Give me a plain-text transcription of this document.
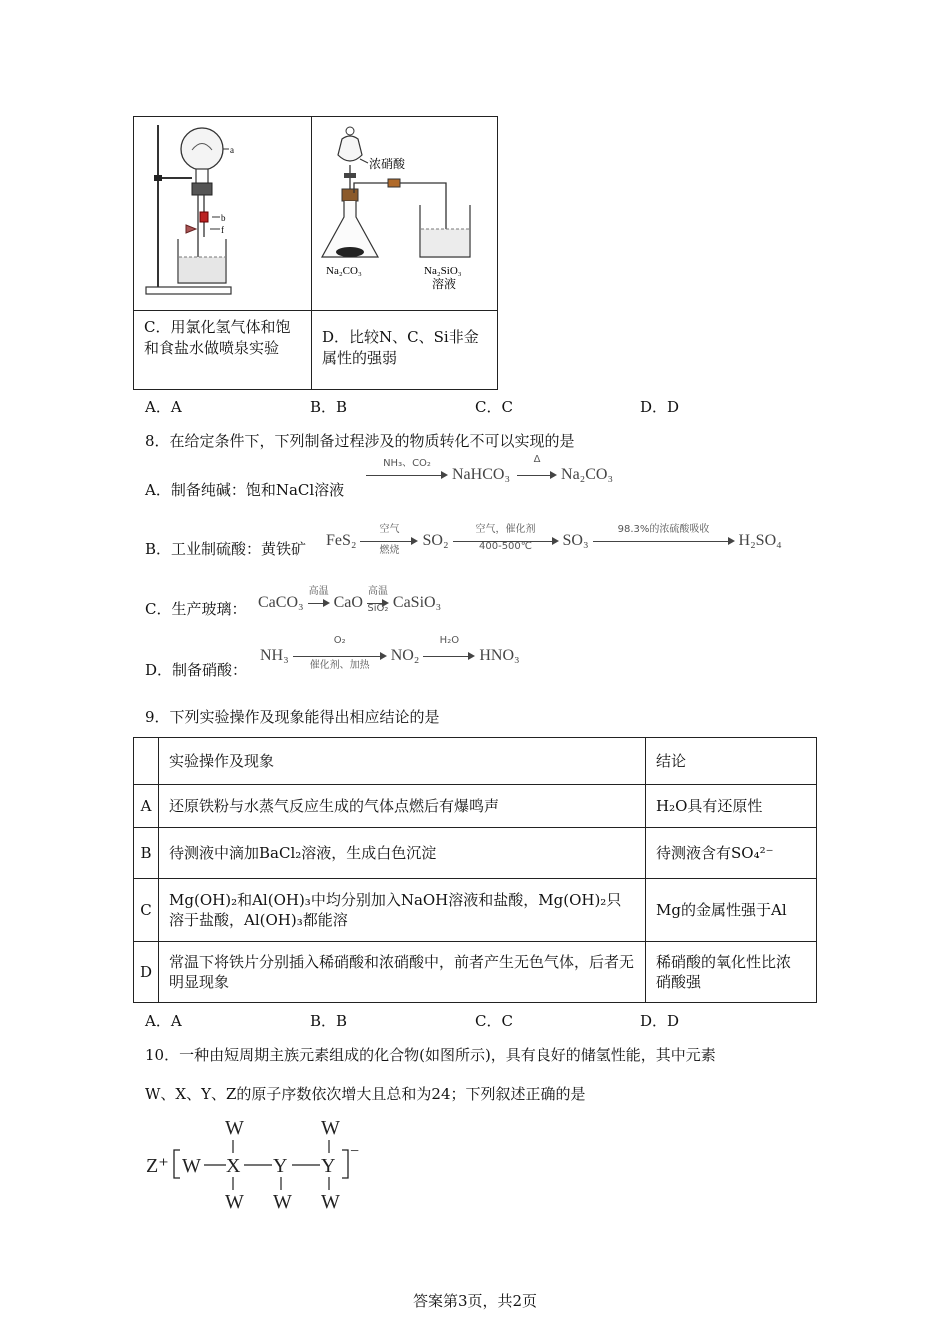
a
b
f
浓硝酸
Na₂CO₃	Na₂SiO₃
溶液
C．用氯化氢气体和饱和食盐水做喷泉实验
D．比较N、C、Si非金属性的强弱
A．A	B．B	C．C	D．D
8．在给定条件下，下列制备过程涉及的物质转化不可以实现的是
A．制备纯碱：饱和NaCl溶液
NH₃、CO₂
NaHCO₃
Δ
Na₂CO₃
B．工业制硫酸：黄铁矿 FeS₂
空气
燃烧
SO₂
空气，催化剂
400-500℃	SO₃
98.3%的浓硫酸吸收
H₂SO₄
C．生产玻璃： CaCO₃
高温
CaO
高温
SiO₂ CaSiO₃
D．制备硝酸：
NH₃
O₂
催化剂、加热
NO₂
H₂O
HNO₃
9．下列实验操作及现象能得出相应结论的是
	实验操作及现象	结论
A	还原铁粉与水蒸气反应生成的气体点燃后有爆鸣声	H₂O具有还原性
B	待测液中滴加BaCl₂溶液，生成白色沉淀	待测液含有SO₄²⁻
C	Mg(OH)₂和Al(OH)₃中均分别加入NaOH溶液和盐酸，Mg(OH)₂只溶于盐酸，Al(OH)₃都能溶	Mg的金属性强于Al
D	常温下将铁片分别插入稀硝酸和浓硝酸中，前者产生无色气体，后者无明显现象	稀硝酸的氧化性比浓硝酸强
A．A	B．B	C．C	D．D
10．一种由短周期主族元素组成的化合物(如图所示)，具有良好的储氢性能，其中元素
W、X、Y、Z的原子序数依次增大且总和为24；下列叙述正确的是
Z⁺ W X
W
W
Y
W
Y
W
W
−
答案第3页，共2页
